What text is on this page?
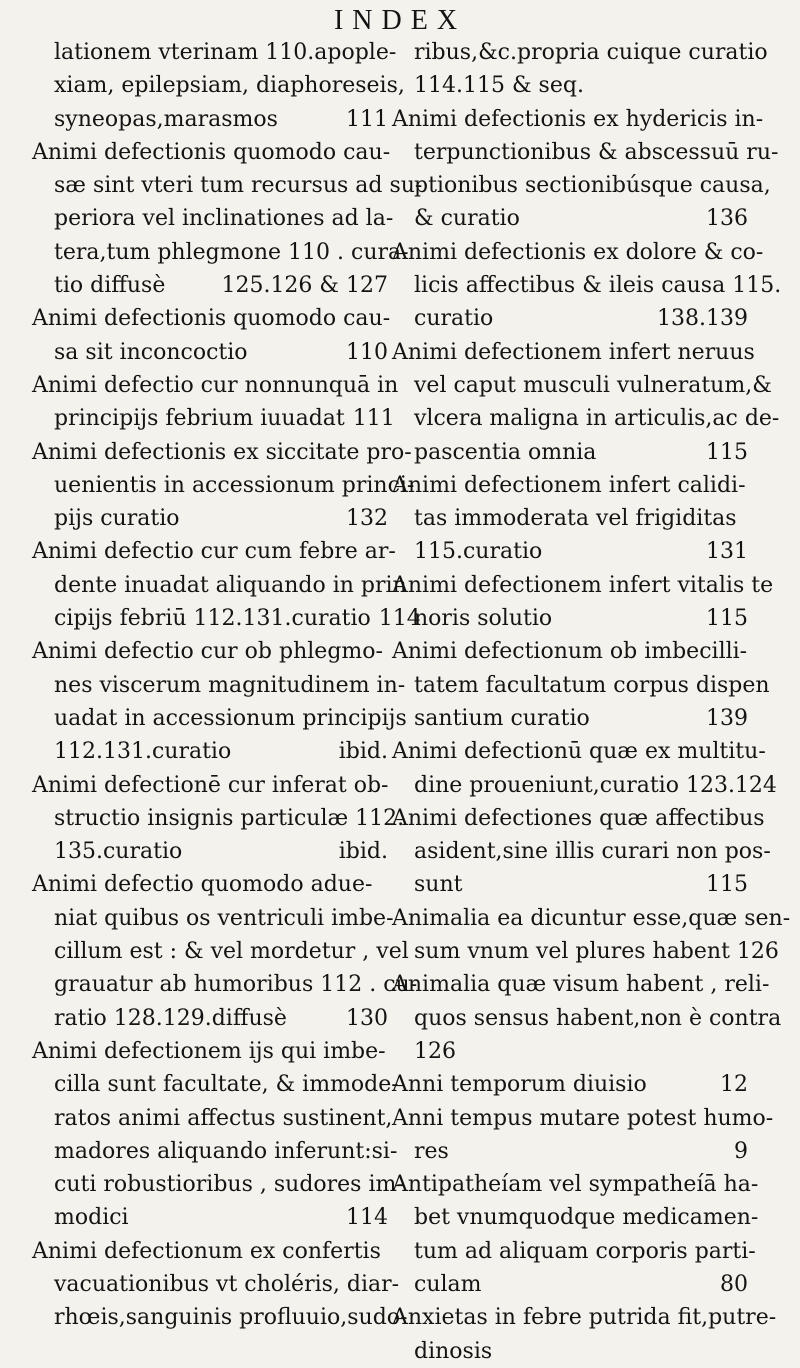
INDEX
lationem vterinam 110.apople-
xiam, epilepsiam, diaphoreseis,
syneopas,marasmos	111
Animi defectionis quomodo cau-
sæ sint vteri tum recursus ad su-
periora vel inclinationes ad la-
tera,tum phlegmone 110 . cura-
tio diffusè	125.126 & 127
Animi defectionis quomodo cau-
sa sit inconcoctio	110
Animi defectio cur nonnunquā in
principijs febrium iuuadat 111
Animi defectionis ex siccitate pro-
uenientis in accessionum princi-
pijs curatio	132
Animi defectio cur cum febre ar-
dente inuadat aliquando in prin
cipijs febriū 112.131.curatio 114
Animi defectio cur ob phlegmo-
nes viscerum magnitudinem in-
uadat in accessionum principijs
112.131.curatio	ibid.
Animi defectionē cur inferat ob-
structio insignis particulæ 112.
135.curatio	ibid.
Animi defectio quomodo adue-
niat quibus os ventriculi imbe-
cillum est : & vel mordetur , vel
grauatur ab humoribus 112 . cu-
ratio 128.129.diffusè	130
Animi defectionem ijs qui imbe-
cilla sunt facultate, & immode-
ratos animi affectus sustinent,
madores aliquando inferunt:si-
cuti robustioribus , sudores im-
modici	114
Animi defectionum ex confertis
vacuationibus vt choléris, diar-
rhœis,sanguinis profluuio,sudo-
ribus,&c.propria cuique curatio
114.115 & seq.
Animi defectionis ex hydericis in-
terpunctionibus & abscessuū ru-
ptionibus sectionibúsque causa,
& curatio	136
Animi defectionis ex dolore & co-
licis affectibus & ileis causa 115.
curatio	138.139
Animi defectionem infert neruus
vel caput musculi vulneratum,&
vlcera maligna in articulis,ac de-
pascentia omnia	115
Animi defectionem infert calidi-
tas immoderata vel frigiditas
115.curatio	131
Animi defectionem infert vitalis te
noris solutio	115
Animi defectionum ob imbecilli-
tatem facultatum corpus dispen
santium curatio	139
Animi defectionū quæ ex multitu-
dine proueniunt,curatio 123.124
Animi defectiones quæ affectibus
asident,sine illis curari non pos-
sunt	115
Animalia ea dicuntur esse,quæ sen-
sum vnum vel plures habent 126
Animalia quæ visum habent , reli-
quos sensus habent,non è contra
126
Anni temporum diuisio	12
Anni tempus mutare potest humo-
res	9
Antipatheíam vel sympatheíā ha-
bet vnumquodque medicamen-
tum ad aliquam corporis parti-
culam	80
Anxietas in febre putrida fit,putre-
dinosis
